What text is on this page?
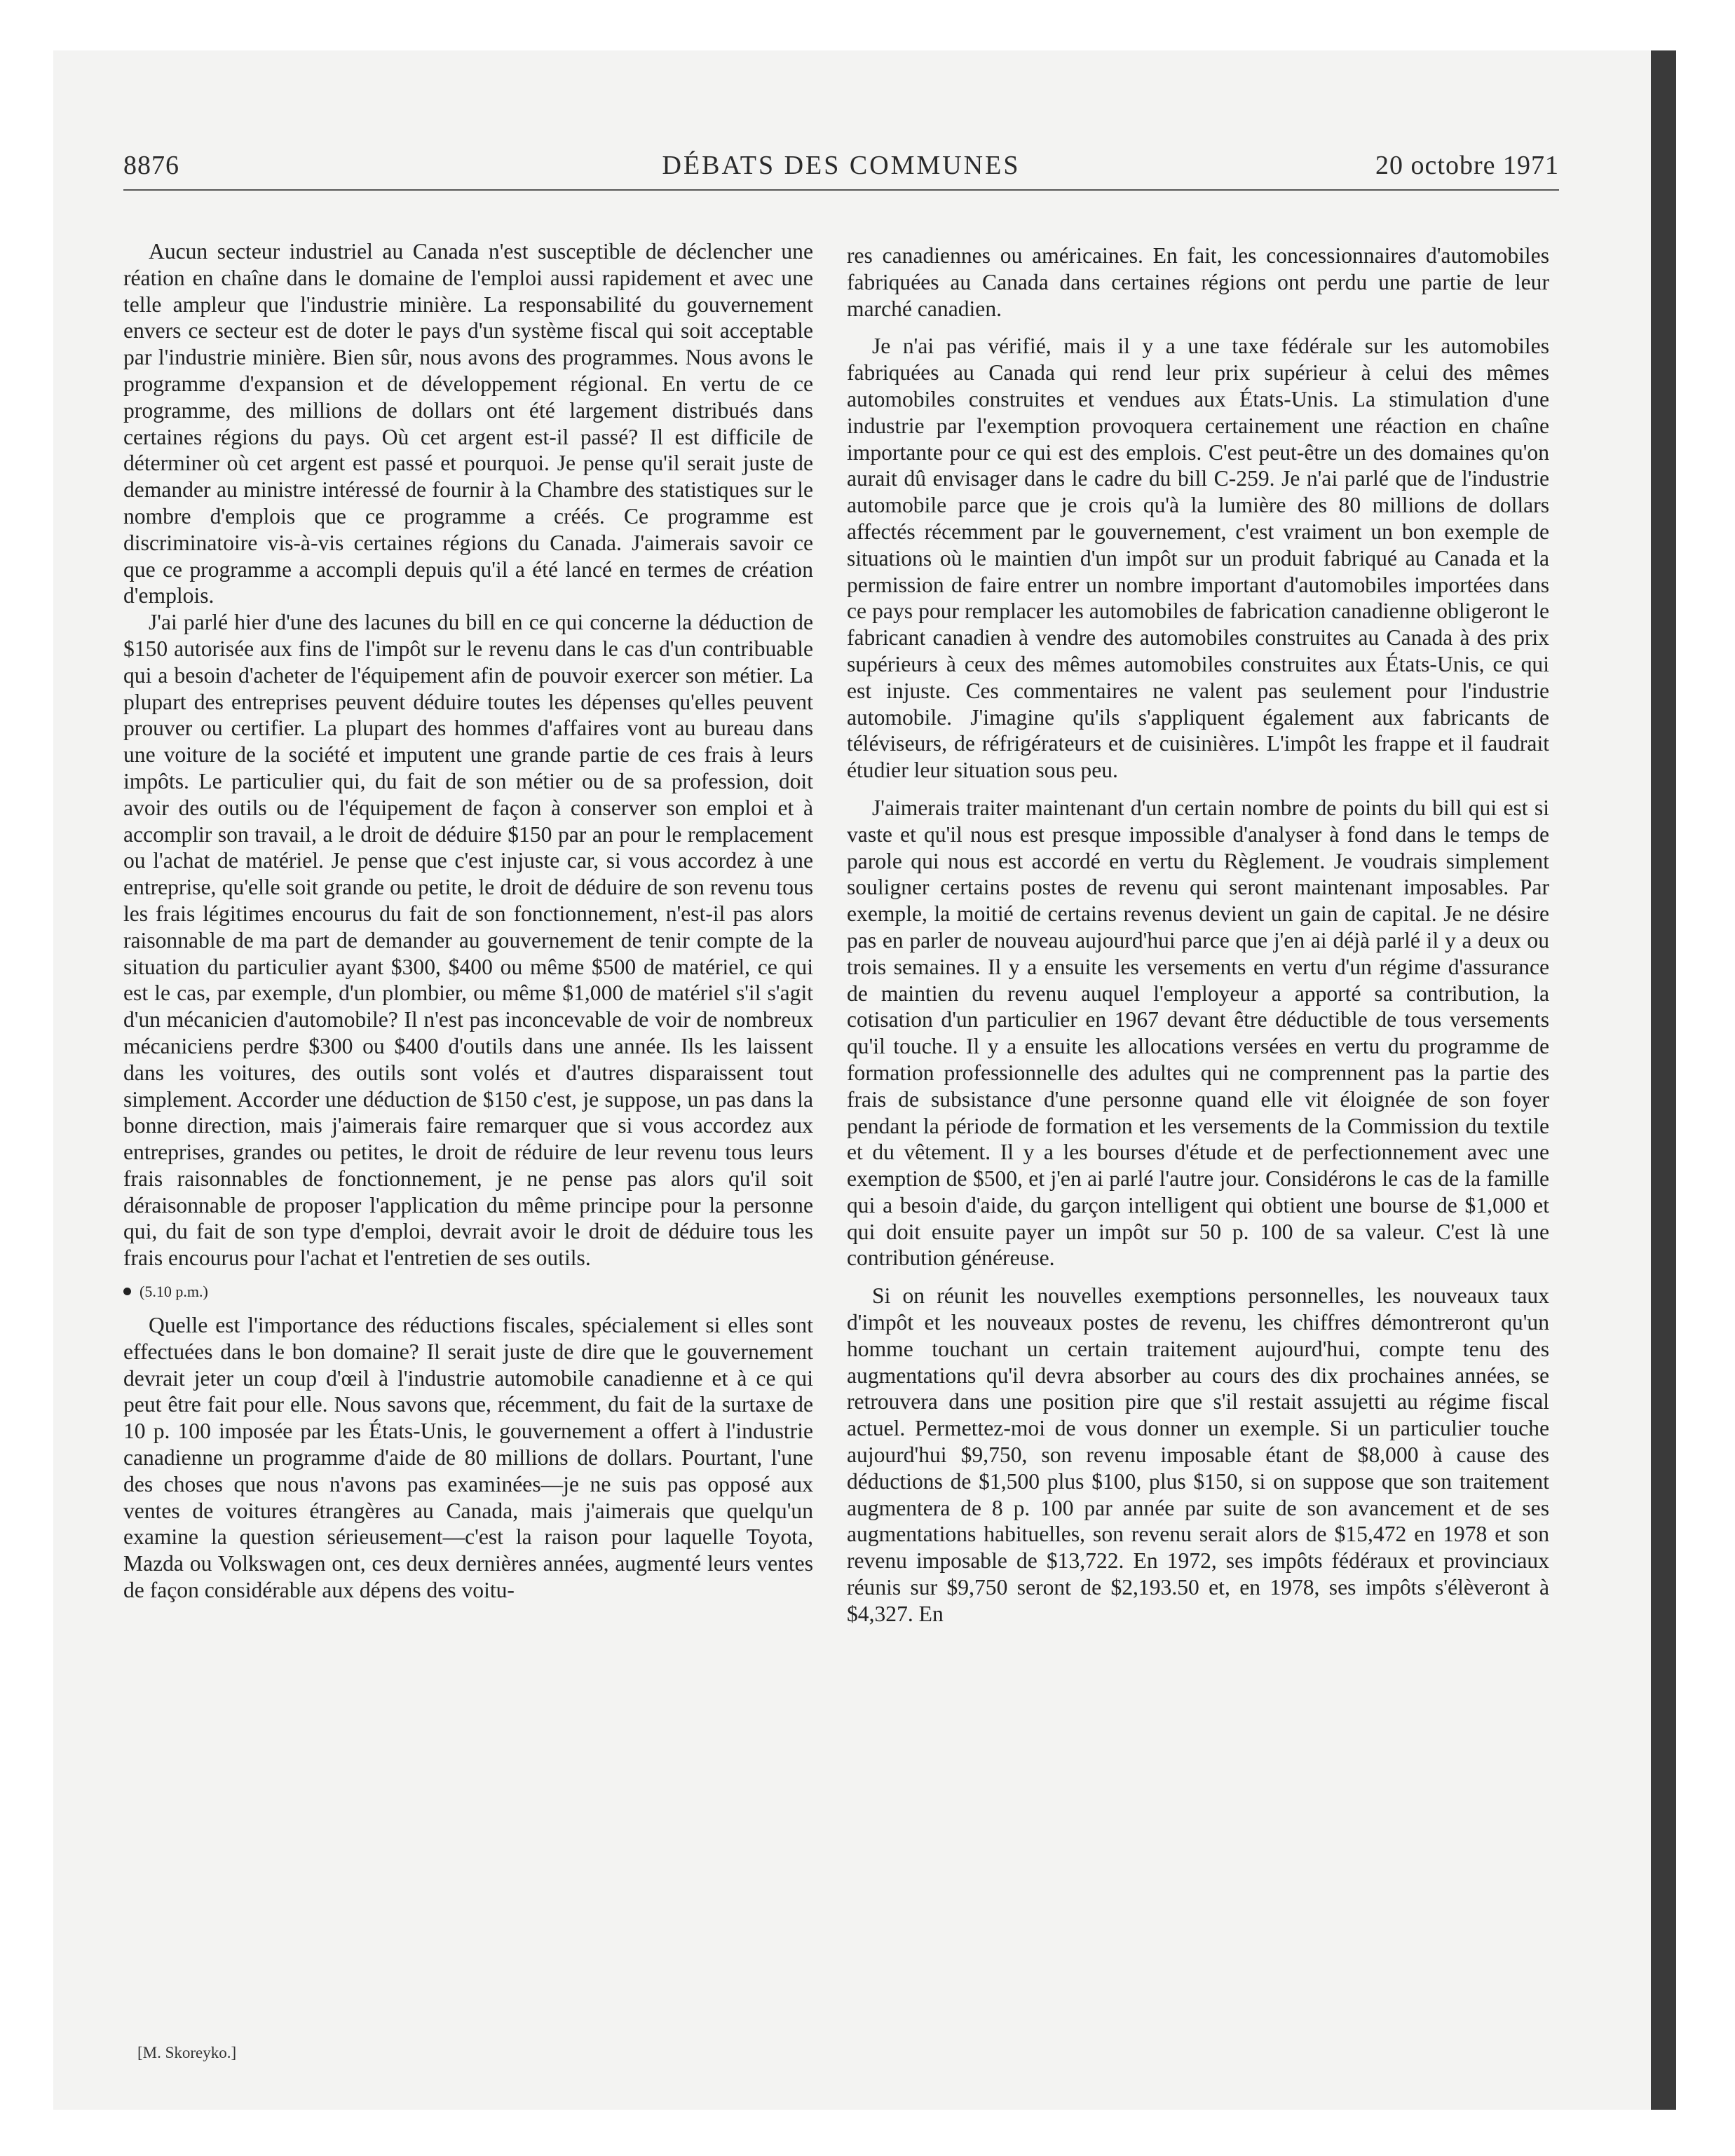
8876	DÉBATS DES COMMUNES	20 octobre 1971

Aucun secteur industriel au Canada n'est susceptible de déclencher une réation en chaîne dans le domaine de l'emploi aussi rapidement et avec une telle ampleur que l'industrie minière. La responsabilité du gouvernement envers ce secteur est de doter le pays d'un système fiscal qui soit acceptable par l'industrie minière. Bien sûr, nous avons des programmes. Nous avons le programme d'expansion et de développement régional. En vertu de ce programme, des millions de dollars ont été largement distribués dans certaines régions du pays. Où cet argent est-il passé? Il est difficile de déterminer où cet argent est passé et pourquoi. Je pense qu'il serait juste de demander au ministre intéressé de fournir à la Chambre des statistiques sur le nombre d'emplois que ce programme a créés. Ce programme est discriminatoire vis-à-vis certaines régions du Canada. J'aimerais savoir ce que ce programme a accompli depuis qu'il a été lancé en termes de création d'emplois.

J'ai parlé hier d'une des lacunes du bill en ce qui concerne la déduction de $150 autorisée aux fins de l'impôt sur le revenu dans le cas d'un contribuable qui a besoin d'acheter de l'équipement afin de pouvoir exercer son métier. La plupart des entreprises peuvent déduire toutes les dépenses qu'elles peuvent prouver ou certifier. La plupart des hommes d'affaires vont au bureau dans une voiture de la société et imputent une grande partie de ces frais à leurs impôts. Le particulier qui, du fait de son métier ou de sa profession, doit avoir des outils ou de l'équipement de façon à conserver son emploi et à accomplir son travail, a le droit de déduire $150 par an pour le remplacement ou l'achat de matériel. Je pense que c'est injuste car, si vous accordez à une entreprise, qu'elle soit grande ou petite, le droit de déduire de son revenu tous les frais légitimes encourus du fait de son fonctionnement, n'est-il pas alors raisonnable de ma part de demander au gouvernement de tenir compte de la situation du particulier ayant $300, $400 ou même $500 de matériel, ce qui est le cas, par exemple, d'un plombier, ou même $1,000 de matériel s'il s'agit d'un mécanicien d'automobile? Il n'est pas inconcevable de voir de nombreux mécaniciens perdre $300 ou $400 d'outils dans une année. Ils les laissent dans les voitures, des outils sont volés et d'autres disparaissent tout simplement. Accorder une déduction de $150 c'est, je suppose, un pas dans la bonne direction, mais j'aimerais faire remarquer que si vous accordez aux entreprises, grandes ou petites, le droit de réduire de leur revenu tous leurs frais raisonnables de fonctionnement, je ne pense pas alors qu'il soit déraisonnable de proposer l'application du même principe pour la personne qui, du fait de son type d'emploi, devrait avoir le droit de déduire tous les frais encourus pour l'achat et l'entretien de ses outils.

(5.10 p.m.)

Quelle est l'importance des réductions fiscales, spécialement si elles sont effectuées dans le bon domaine? Il serait juste de dire que le gouvernement devrait jeter un coup d'œil à l'industrie automobile canadienne et à ce qui peut être fait pour elle. Nous savons que, récemment, du fait de la surtaxe de 10 p. 100 imposée par les États-Unis, le gouvernement a offert à l'industrie canadienne un programme d'aide de 80 millions de dollars. Pourtant, l'une des choses que nous n'avons pas examinées—je ne suis pas opposé aux ventes de voitures étrangères au Canada, mais j'aimerais que quelqu'un examine la question sérieusement—c'est la raison pour laquelle Toyota, Mazda ou Volkswagen ont, ces deux dernières années, augmenté leurs ventes de façon considérable aux dépens des voitu-

[M. Skoreyko.]

res canadiennes ou américaines. En fait, les concessionnaires d'automobiles fabriquées au Canada dans certaines régions ont perdu une partie de leur marché canadien.

Je n'ai pas vérifié, mais il y a une taxe fédérale sur les automobiles fabriquées au Canada qui rend leur prix supérieur à celui des mêmes automobiles construites et vendues aux États-Unis. La stimulation d'une industrie par l'exemption provoquera certainement une réaction en chaîne importante pour ce qui est des emplois. C'est peut-être un des domaines qu'on aurait dû envisager dans le cadre du bill C-259. Je n'ai parlé que de l'industrie automobile parce que je crois qu'à la lumière des 80 millions de dollars affectés récemment par le gouvernement, c'est vraiment un bon exemple de situations où le maintien d'un impôt sur un produit fabriqué au Canada et la permission de faire entrer un nombre important d'automobiles importées dans ce pays pour remplacer les automobiles de fabrication canadienne obligeront le fabricant canadien à vendre des automobiles construites au Canada à des prix supérieurs à ceux des mêmes automobiles construites aux États-Unis, ce qui est injuste. Ces commentaires ne valent pas seulement pour l'industrie automobile. J'imagine qu'ils s'appliquent également aux fabricants de téléviseurs, de réfrigérateurs et de cuisinières. L'impôt les frappe et il faudrait étudier leur situation sous peu.

J'aimerais traiter maintenant d'un certain nombre de points du bill qui est si vaste et qu'il nous est presque impossible d'analyser à fond dans le temps de parole qui nous est accordé en vertu du Règlement. Je voudrais simplement souligner certains postes de revenu qui seront maintenant imposables. Par exemple, la moitié de certains revenus devient un gain de capital. Je ne désire pas en parler de nouveau aujourd'hui parce que j'en ai déjà parlé il y a deux ou trois semaines. Il y a ensuite les versements en vertu d'un régime d'assurance de maintien du revenu auquel l'employeur a apporté sa contribution, la cotisation d'un particulier en 1967 devant être déductible de tous versements qu'il touche. Il y a ensuite les allocations versées en vertu du programme de formation professionnelle des adultes qui ne comprennent pas la partie des frais de subsistance d'une personne quand elle vit éloignée de son foyer pendant la période de formation et les versements de la Commission du textile et du vêtement. Il y a les bourses d'étude et de perfectionnement avec une exemption de $500, et j'en ai parlé l'autre jour. Considérons le cas de la famille qui a besoin d'aide, du garçon intelligent qui obtient une bourse de $1,000 et qui doit ensuite payer un impôt sur 50 p. 100 de sa valeur. C'est là une contribution généreuse.

Si on réunit les nouvelles exemptions personnelles, les nouveaux taux d'impôt et les nouveaux postes de revenu, les chiffres démontreront qu'un homme touchant un certain traitement aujourd'hui, compte tenu des augmentations qu'il devra absorber au cours des dix prochaines années, se retrouvera dans une position pire que s'il restait assujetti au régime fiscal actuel. Permettez-moi de vous donner un exemple. Si un particulier touche aujourd'hui $9,750, son revenu imposable étant de $8,000 à cause des déductions de $1,500 plus $100, plus $150, si on suppose que son traitement augmentera de 8 p. 100 par année par suite de son avancement et de ses augmentations habituelles, son revenu serait alors de $15,472 en 1978 et son revenu imposable de $13,722. En 1972, ses impôts fédéraux et provinciaux réunis sur $9,750 seront de $2,193.50 et, en 1978, ses impôts s'élèveront à $4,327. En
